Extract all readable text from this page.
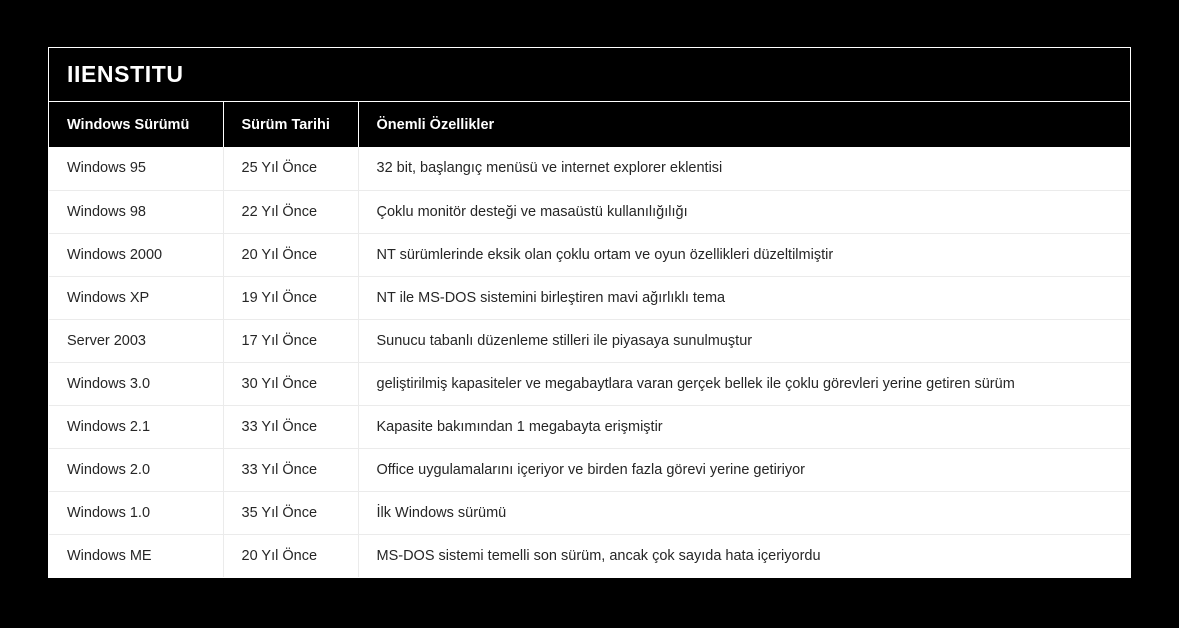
IIENSTITU
Windows Sürümü	Sürüm Tarihi	Önemli Özellikler
Windows 95	25 Yıl Önce	32 bit, başlangıç menüsü ve internet explorer eklentisi
Windows 98	22 Yıl Önce	Çoklu monitör desteği ve masaüstü kullanılığılığı
Windows 2000	20 Yıl Önce	NT sürümlerinde eksik olan çoklu ortam ve oyun özellikleri düzeltilmiştir
Windows XP	19 Yıl Önce	NT ile MS-DOS sistemini birleştiren mavi ağırlıklı tema
Server 2003	17 Yıl Önce	Sunucu tabanlı düzenleme stilleri ile piyasaya sunulmuştur
Windows 3.0	30 Yıl Önce	geliştirilmiş kapasiteler ve megabaytlara varan gerçek bellek ile çoklu görevleri yerine getiren sürüm
Windows 2.1	33 Yıl Önce	Kapasite bakımından 1 megabayta erişmiştir
Windows 2.0	33 Yıl Önce	Office uygulamalarını içeriyor ve birden fazla görevi yerine getiriyor
Windows 1.0	35 Yıl Önce	İlk Windows sürümü
Windows ME	20 Yıl Önce	MS-DOS sistemi temelli son sürüm, ancak çok sayıda hata içeriyordu
